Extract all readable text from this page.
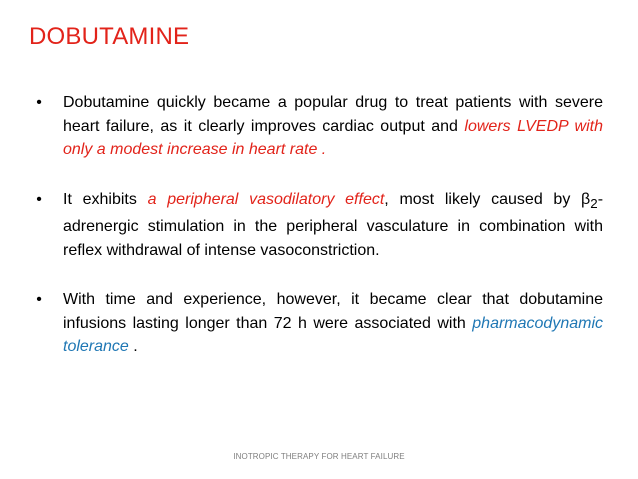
DOBUTAMINE
• Dobutamine quickly became a popular drug to treat patients with severe heart failure, as it clearly improves cardiac output and lowers LVEDP with only a modest increase in heart rate .
• It exhibits a peripheral vasodilatory effect, most likely caused by $\beta_2$-adrenergic stimulation in the peripheral vasculature in combination with reflex withdrawal of intense vasoconstriction.
• With time and experience, however, it became clear that dobutamine infusions lasting longer than 72 h were associated with pharmacodynamic tolerance .
INOTROPIC THERAPY FOR HEART FAILURE
